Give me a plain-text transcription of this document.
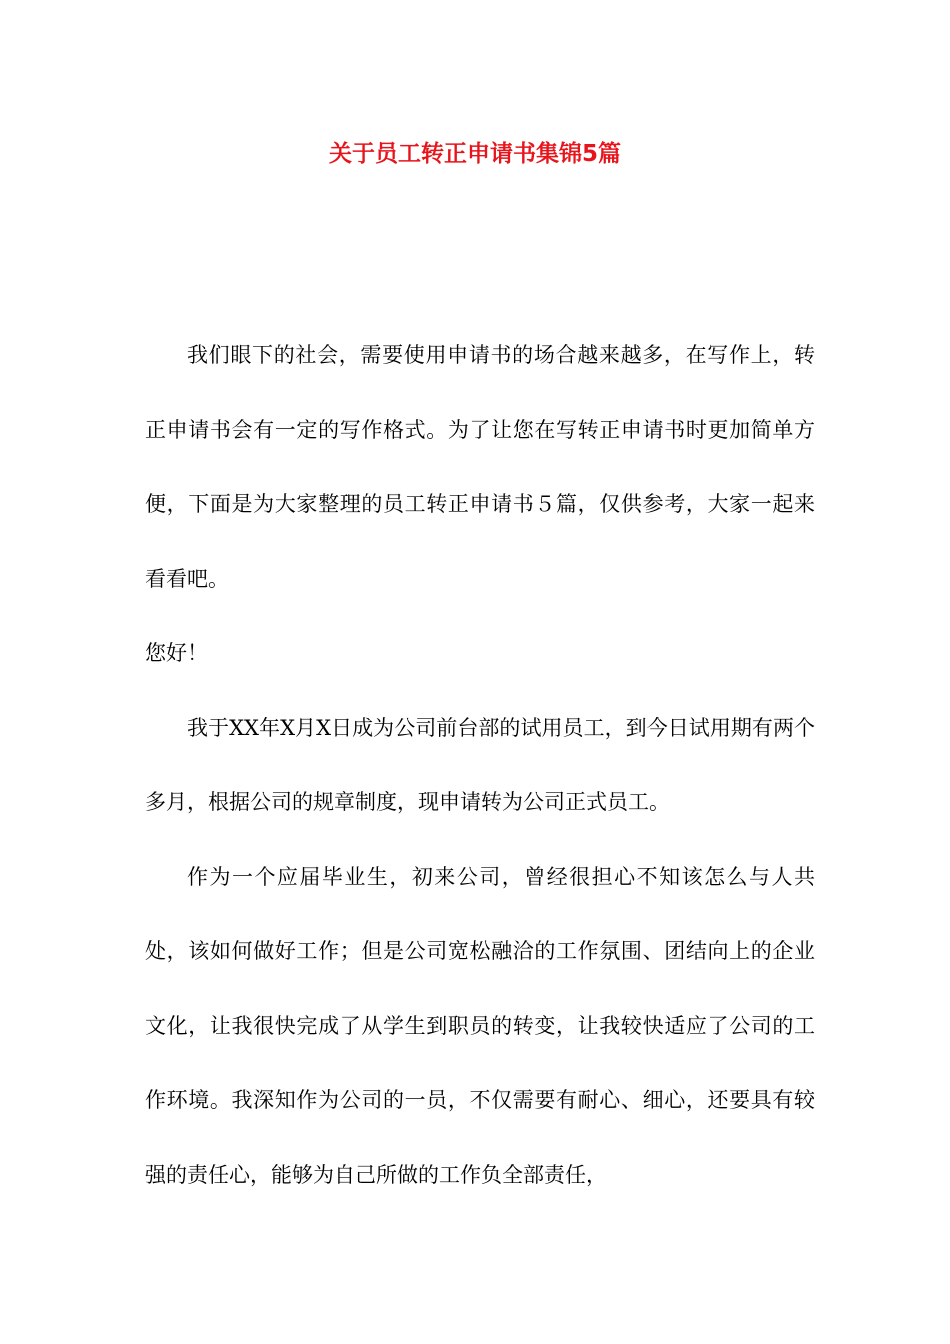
关于员工转正申请书集锦5篇

我们眼下的社会，需要使用申请书的场合越来越多，在写作上，转正申请书会有一定的写作格式。为了让您在写转正申请书时更加简单方便，下面是为大家整理的员工转正申请书５篇，仅供参考，大家一起来看看吧。

您好！

我于XX年X月X日成为公司前台部的试用员工，到今日试用期有两个多月，根据公司的规章制度，现申请转为公司正式员工。

作为一个应届毕业生，初来公司，曾经很担心不知该怎么与人共处，该如何做好工作；但是公司宽松融洽的工作氛围、团结向上的企业文化，让我很快完成了从学生到职员的转变，让我较快适应了公司的工作环境。我深知作为公司的一员，不仅需要有耐心、细心，还要具有较强的责任心，能够为自己所做的工作负全部责任，
